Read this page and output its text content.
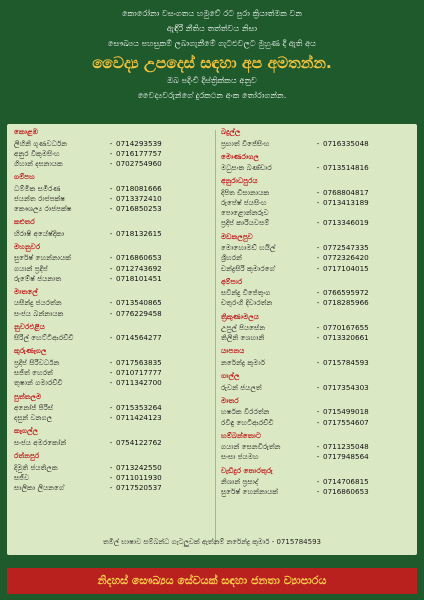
කොරෝනා වසංගතය හමුවේ රට පුරා ක්‍රියාත්මක වන
ඇඳිරි නීතිය තත්ත්වය නිසා
සෞඛ්‍යය පහසුකම් ලබාගැනීමේ ගැටළුවලට මුහුණ දී ඇති අය
වෛද්‍ය උපදෙස් සඳහා අප අමතන්න.
ඔබ පදිංචි දිස්ත්‍රික්කය අනුව
වෛද්‍යවරුන්ගේ දුරකථන අංක තෝරාගන්න.
කොළඹ
ලිහිනි ගුණවර්ධන	- 0714293539
අනුර විකුමසිංහ	- 0716177757
ගිහාන් දසනායක	- 0702754960
ගම්පහ
ධම්මික සමිරණ	- 0718081666
ජයන්ත රාජපක්ෂ	- 0713372410
කෞශල්‍ය රාජපක්ෂ	- 0716850253
කළුතර
හිරාෂි අයේෂ්දිකා	- 0718132615
මහනුවර
සුරේෂ් හෙන්නායක්	- 0716860653
ගයාන් ප්‍රදීප්	- 0712743692
රුමේෂ් ජයනාත	- 0718101451
මාතලේ
යසීන්දු ජයරත්න	- 0713540865
සංජය බන්නායක	- 0776229458
නුවරඑළිය
සිරිල් හෙට්ටිආරච්චි	- 0714564277
කුරුණෑගල
ප්‍රදීප් සිරිවර්ධන	- 0717563835
සජිත් හෙරත්	- 0710717777
තුෂාන් ගමාරච්චි	- 0711342700
පුත්තලම
අනෝජ් පීරිස්	- 0715353264
දසුන් වනගල	- 0711424123
කෑගල්ල
සංජය අමරකෝන්	- 0754122762
රත්නපුර
දිමුති ජයතිලක	- 0713242550
සජීව	- 0711011930
සාලිකා ලියනගේ	- 0717520537
බදුල්ල
ප්‍රභාත් විජේසිංහ	- 0716335048
මොණරාගල
මධුසංක බණ්ඩාර	- 0713514816
අනුරාධපුරය
දිපිත ඩිසානායක	- 0768804817
රුපේෂ් ජයසිංහ	- 0713413189
පොළොන්නරුව
ප්‍රදීප් කාරියවසම්	- 0713346019
මඩකලපුව
මොහොමඩ් හයිල්	- 0772547335
ශ්‍රීහරන්	- 0772326420
චන්ද්‍රසිරි කුමාරගේ	- 0717104015
අම්පාර
සවින්දු විජේතුංග	- 0766595972
චතුරංගි දිවාරත්න	- 0718285966
ත්‍රිකුණාමලය
උපුල් පියසේන	- 0770167655
තිලිනි ශෙහානි	- 0713320661
යාපනය
නරේන්ද්‍ර කුමාර්	- 0715784593
ගාල්ල
රුවන් ජයලත්	- 0717354303
මාතර
හර්ෂක වීරරත්න	- 0715499018
රවිඳු හෙටිආරච්චි	- 0717554607
හම්බන්තොට
ගයාන් සෙනවිරුත්න	- 0711235048
සංසා ජයමහ	- 0717948564
වැඩිදුර තොරතුරු
නිශාන් ප්‍රසාද්	- 0714706815
සුරේෂ් හෙන්නායක්	- 0716860653
තමිල් භාෂාව සම්බන්ධ ගැටලුවක් ඇත්නම් නරේන්ද්‍ර කුමාර් - 0715784593
නිදහස් සෞඛ්‍යය සේවයක් සඳහා ජනතා ව්‍යාපාරය
